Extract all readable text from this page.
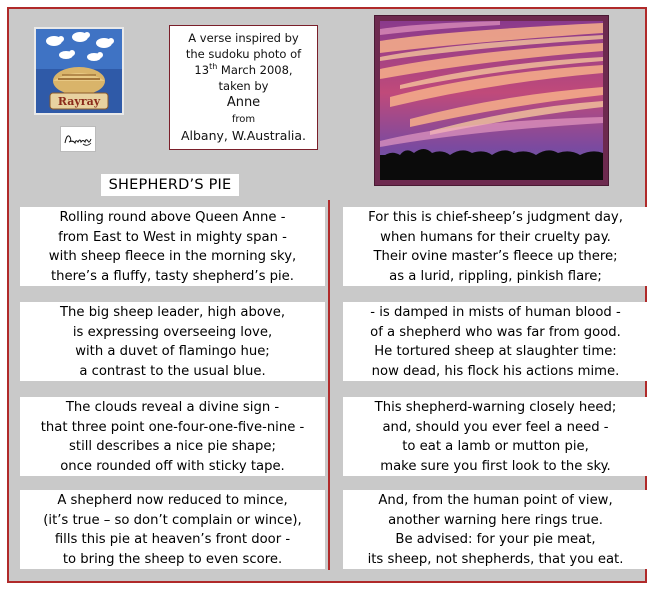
Rayray
A verse inspired by
the sudoku photo of
13th March 2008,
taken by
Anne
from
Albany, W.Australia.
SHEPHERD’S PIE
Rolling round above Queen Anne -
from East to West in mighty span -
with sheep fleece in the morning sky,
there’s a fluffy, tasty shepherd’s pie.
The big sheep leader, high above,
is expressing overseeing love,
with a duvet of flamingo hue;
a contrast to the usual blue.
The clouds reveal a divine sign -
that three point one-four-one-five-nine -
still describes a nice pie shape;
once rounded off with sticky tape.
A shepherd now reduced to mince,
(it’s true – so don’t complain or wince),
fills this pie at heaven’s front door -
to bring the sheep to even score.
For this is chief-sheep’s judgment day,
when humans for their cruelty pay.
Their ovine master’s fleece up there;
as a lurid, rippling, pinkish flare;
- is damped in mists of human blood -
of a shepherd who was far from good.
He tortured sheep at slaughter time:
now dead, his flock his actions mime.
This shepherd-warning closely heed;
and, should you ever feel a need -
to eat a lamb or mutton pie,
make sure you first look to the sky.
And, from the human point of view,
another warning here rings true.
Be advised: for your pie meat,
its sheep, not shepherds, that you eat.
